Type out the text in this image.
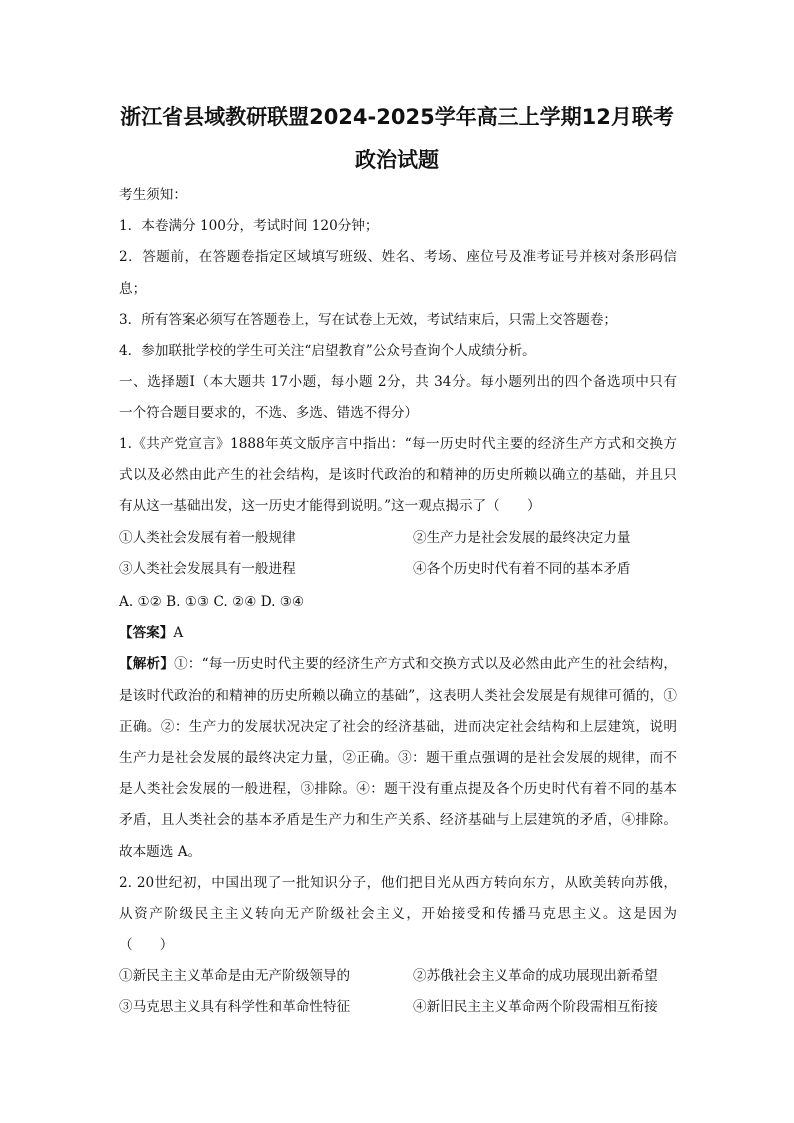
浙江省县域教研联盟2024-2025学年高三上学期12月联考
政治试题
考生须知：
1．本卷满分 100分，考试时间 120分钟；
2．答题前，在答题卷指定区域填写班级、姓名、考场、座位号及准考证号并核对条形码信
息；
3．所有答案必须写在答题卷上，写在试卷上无效，考试结束后，只需上交答题卷；
4．参加联批学校的学生可关注“启望教育”公众号查询个人成绩分析。
一、选择题Ⅰ（本大题共 17小题，每小题 2分，共 34分。每小题列出的四个备选项中只有
一个符合题目要求的，不选、多选、错选不得分）
1.《共产党宣言》1888年英文版序言中指出：“每一历史时代主要的经济生产方式和交换方
式以及必然由此产生的社会结构，是该时代政治的和精神的历史所赖以确立的基础，并且只
有从这一基础出发，这一历史才能得到说明。”这一观点揭示了（　　）
①人类社会发展有着一般规律	②生产力是社会发展的最终决定力量
③人类社会发展具有一般进程	④各个历史时代有着不同的基本矛盾
A. ①② B. ①③ C. ②④ D. ③④
【答案】A
【解析】①：“每一历史时代主要的经济生产方式和交换方式以及必然由此产生的社会结构，
是该时代政治的和精神的历史所赖以确立的基础”，这表明人类社会发展是有规律可循的，①
正确。②：生产力的发展状况决定了社会的经济基础，进而决定社会结构和上层建筑，说明
生产力是社会发展的最终决定力量，②正确。③：题干重点强调的是社会发展的规律，而不
是人类社会发展的一般进程，③排除。④：题干没有重点提及各个历史时代有着不同的基本
矛盾，且人类社会的基本矛盾是生产力和生产关系、经济基础与上层建筑的矛盾，④排除。
故本题选 A。
2. 20世纪初，中国出现了一批知识分子，他们把目光从西方转向东方，从欧美转向苏俄，
从资产阶级民主主义转向无产阶级社会主义，开始接受和传播马克思主义。这是因为
（　　）
①新民主主义革命是由无产阶级领导的	②苏俄社会主义革命的成功展现出新希望
③马克思主义具有科学性和革命性特征	④新旧民主主义革命两个阶段需相互衔接
